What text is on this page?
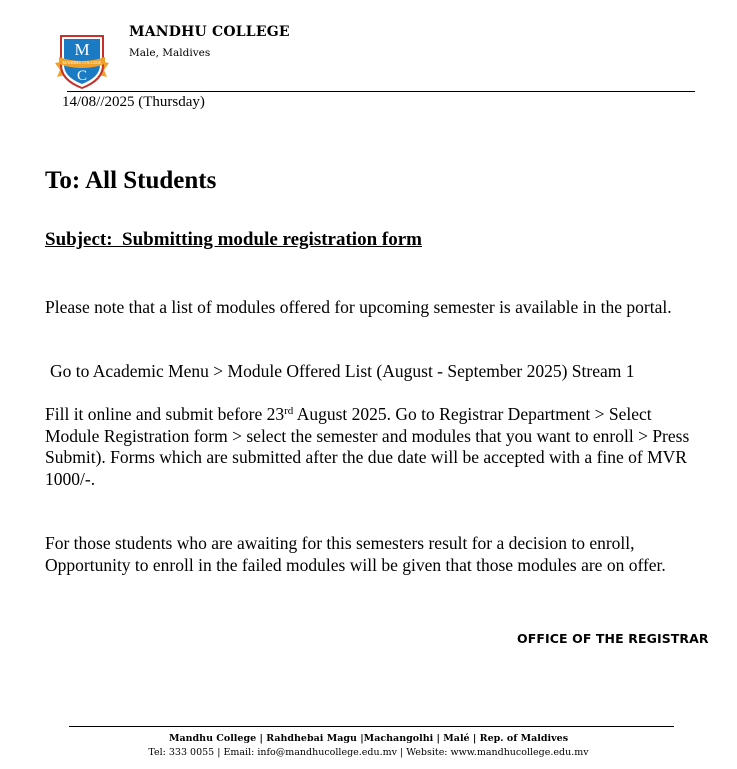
M
MANDHU COLLEGE
C
MANDHU COLLEGE
Male, Maldives
14/08//2025 (Thursday)
To: All Students
Subject:  Submitting module registration form
Please note that a list of modules offered for upcoming semester is available in the portal.
Go to Academic Menu > Module Offered List (August - September 2025) Stream 1
Fill it online and submit before 23rd August 2025. Go to Registrar Department > Select Module Registration form > select the semester and modules that you want to enroll > Press Submit). Forms which are submitted after the due date will be accepted with a fine of MVR 1000/-.
For those students who are awaiting for this semesters result for a decision to enroll, Opportunity to enroll in the failed modules will be given that those modules are on offer.
OFFICE OF THE REGISTRAR
Mandhu College | Rahdhebai Magu |Machangolhi | Malé | Rep. of Maldives
Tel: 333 0055 | Email: info@mandhucollege.edu.mv | Website: www.mandhucollege.edu.mv
